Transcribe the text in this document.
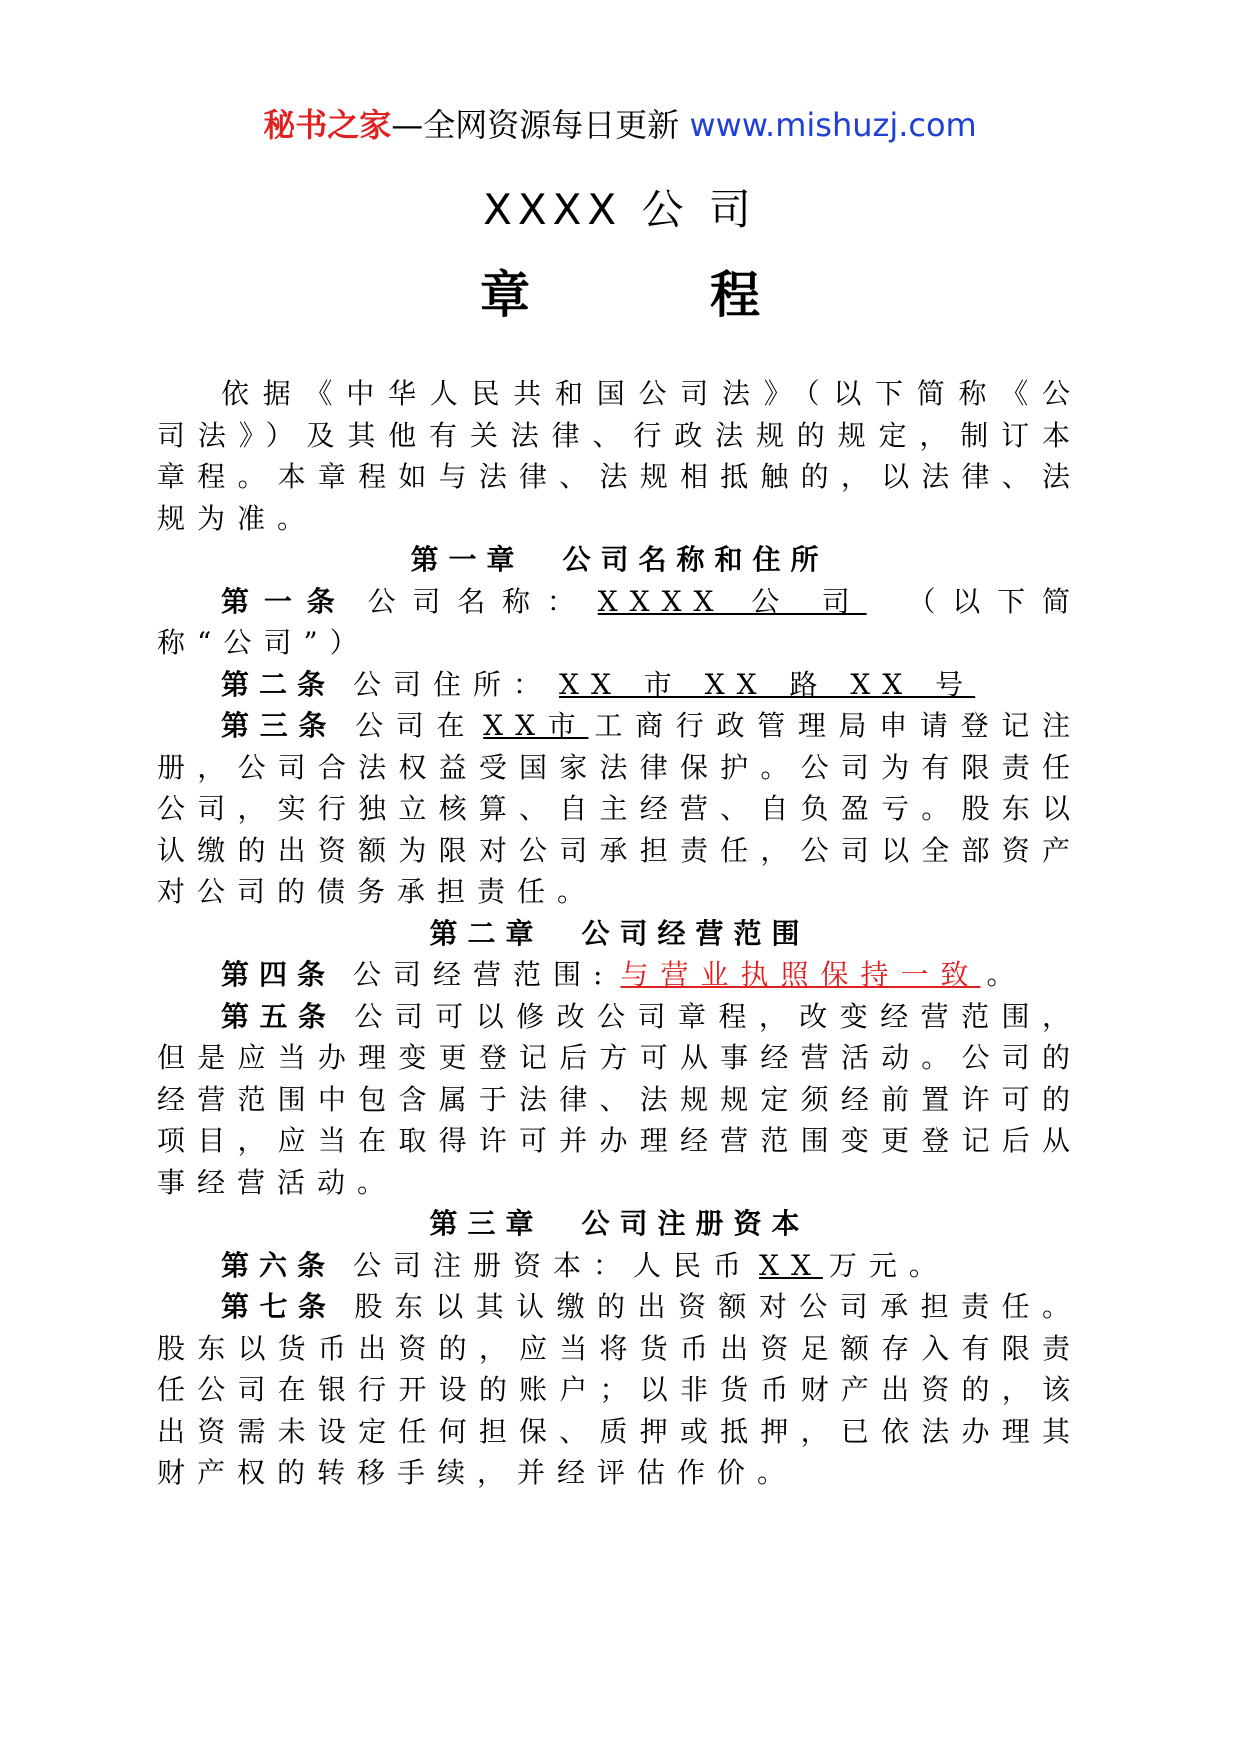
秘书之家—全网资源每日更新 www.mishuzj.com
XXXX 公 司
章程

依据《中华人民共和国公司法》（以下简称《公司法》）及其他有关法律、行政法规的规定，制订本章程。本章程如与法律、法规相抵触的，以法律、法规为准。

第一章　公司名称和住所

第一条 公司名称： XXXX 公 司 （以下简称“公司”）

第二条 公司住所： XX 市 XX 路 XX 号

第三条 公司在 XX市 工商行政管理局申请登记注册，公司合法权益受国家法律保护。公司为有限责任公司，实行独立核算、自主经营、自负盈亏。股东以认缴的出资额为限对公司承担责任，公司以全部资产对公司的债务承担责任。

第二章　公司经营范围

第四条 公司经营范围: 与营业执照保持一致 。

第五条 公司可以修改公司章程，改变经营范围，但是应当办理变更登记后方可从事经营活动。公司的经营范围中包含属于法律、法规规定须经前置许可的项目，应当在取得许可并办理经营范围变更登记后从事经营活动。

第三章　公司注册资本

第六条 公司注册资本：人民币 XX 万元。

第七条 股东以其认缴的出资额对公司承担责任。股东以货币出资的，应当将货币出资足额存入有限责任公司在银行开设的账户；以非货币财产出资的，该出资需未设定任何担保、质押或抵押，已依法办理其财产权的转移手续，并经评估作价。
